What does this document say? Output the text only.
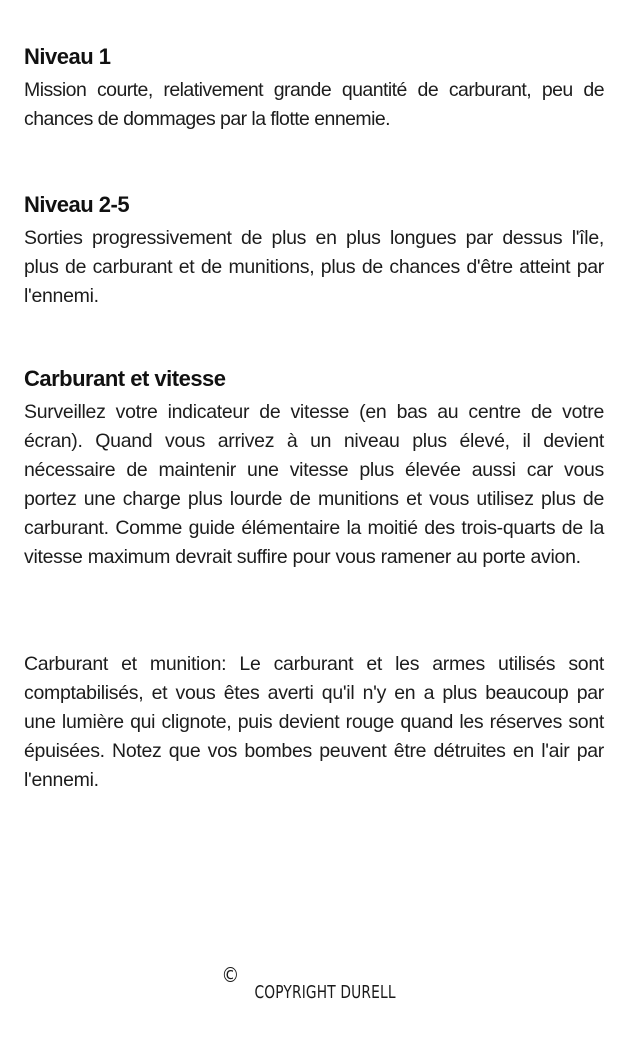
Niveau 1

Mission courte, relativement grande quantité de carburant, peu de chances de dommages par la flotte ennemie.

Niveau 2-5

Sorties progressivement de plus en plus longues par dessus l'île, plus de carburant et de munitions, plus de chances d'être atteint par l'ennemi.

Carburant et vitesse

Surveillez votre indicateur de vitesse (en bas au centre de votre écran). Quand vous arrivez à un niveau plus élevé, il devient nécessaire de maintenir une vitesse plus élevée aussi car vous portez une charge plus lourde de munitions et vous utilisez plus de carburant. Comme guide élémentaire la moitié des trois-quarts de la vitesse maximum devrait suffire pour vous ramener au porte avion.

Carburant et munition: Le carburant et les armes utilisés sont comptabilisés, et vous êtes averti qu'il n'y en a plus beaucoup par une lumière qui clignote, puis devient rouge quand les réserves sont épuisées. Notez que vos bombes peuvent être détruites en l'air par l'ennemi.

©COPYRIGHT DURELL
